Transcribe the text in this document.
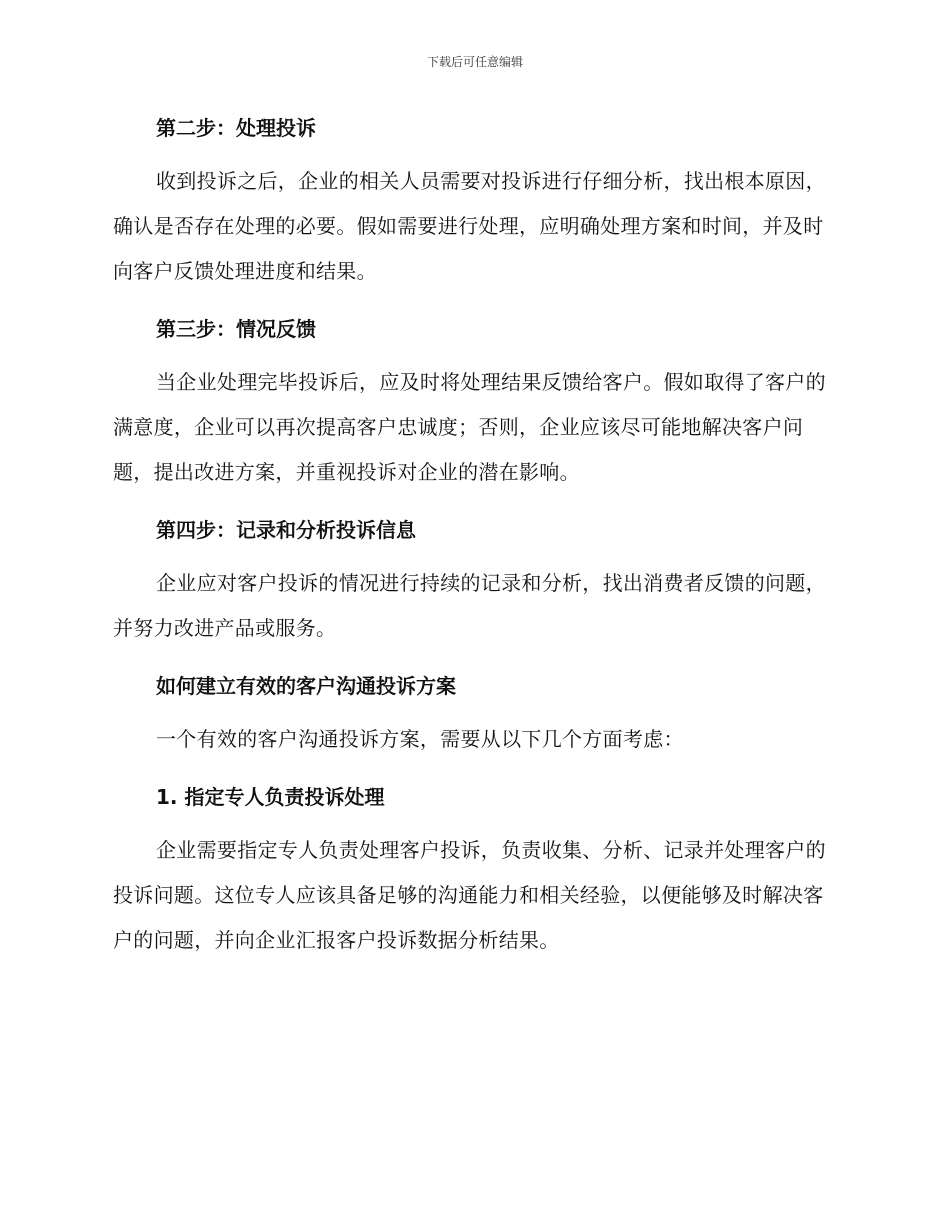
下载后可任意编辑
第二步：处理投诉

收到投诉之后，企业的相关人员需要对投诉进行仔细分析，找出根本原因，确认是否存在处理的必要。假如需要进行处理，应明确处理方案和时间，并及时向客户反馈处理进度和结果。

第三步：情况反馈

当企业处理完毕投诉后，应及时将处理结果反馈给客户。假如取得了客户的满意度，企业可以再次提高客户忠诚度；否则，企业应该尽可能地解决客户问题，提出改进方案，并重视投诉对企业的潜在影响。

第四步：记录和分析投诉信息

企业应对客户投诉的情况进行持续的记录和分析，找出消费者反馈的问题，并努力改进产品或服务。

如何建立有效的客户沟通投诉方案

一个有效的客户沟通投诉方案，需要从以下几个方面考虑：

1. 指定专人负责投诉处理

企业需要指定专人负责处理客户投诉，负责收集、分析、记录并处理客户的投诉问题。这位专人应该具备足够的沟通能力和相关经验，以便能够及时解决客户的问题，并向企业汇报客户投诉数据分析结果。
